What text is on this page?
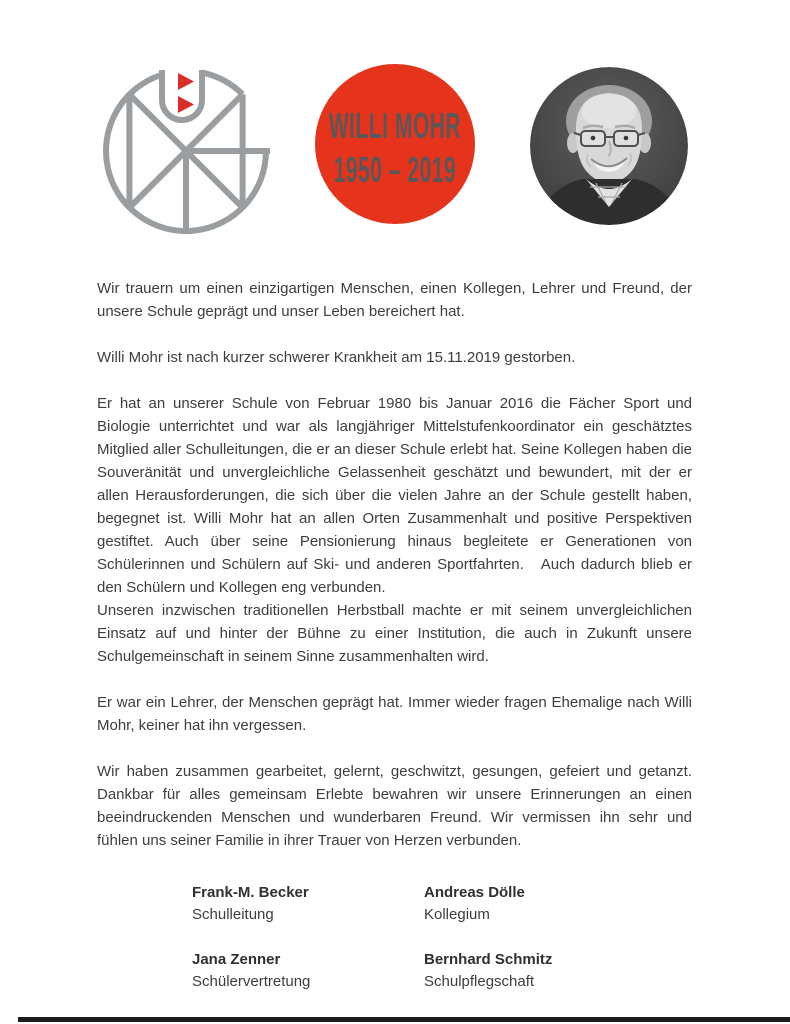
WILLI MOHR
1950 – 2019

Wir trauern um einen einzigartigen Menschen, einen Kollegen, Lehrer und Freund, der unsere Schule geprägt und unser Leben bereichert hat.

Willi Mohr ist nach kurzer schwerer Krankheit am 15.11.2019 gestorben.

Er hat an unserer Schule von Februar 1980 bis Januar 2016 die Fächer Sport und Biologie unterrichtet und war als langjähriger Mittelstufenkoordinator ein geschätztes Mitglied aller Schulleitungen, die er an dieser Schule erlebt hat. Seine Kollegen haben die Souveränität und unvergleichliche Gelassenheit geschätzt und bewundert, mit der er allen Herausforderungen, die sich über die vielen Jahre an der Schule gestellt haben, begegnet ist. Willi Mohr hat an allen Orten Zusammenhalt und positive Perspektiven gestiftet. Auch über seine Pensionierung hinaus begleitete er Generationen von Schülerinnen und Schülern auf Ski- und anderen Sportfahrten.   Auch dadurch blieb er den Schülern und Kollegen eng verbunden.

Unseren inzwischen traditionellen Herbstball machte er mit seinem unvergleichlichen Einsatz auf und hinter der Bühne zu einer Institution, die auch in Zukunft unsere Schulgemeinschaft in seinem Sinne zusammenhalten wird.

Er war ein Lehrer, der Menschen geprägt hat. Immer wieder fragen Ehemalige nach Willi Mohr, keiner hat ihn vergessen.

Wir haben zusammen gearbeitet, gelernt, geschwitzt, gesungen, gefeiert und getanzt. Dankbar für alles gemeinsam Erlebte bewahren wir unsere Erinnerungen an einen beeindruckenden Menschen und wunderbaren Freund. Wir vermissen ihn sehr und fühlen uns seiner Familie in ihrer Trauer von Herzen verbunden.

Frank-M. Becker
Schulleitung
Andreas Dölle
Kollegium
Jana Zenner
Schülervertretung
Bernhard Schmitz
Schulpflegschaft
